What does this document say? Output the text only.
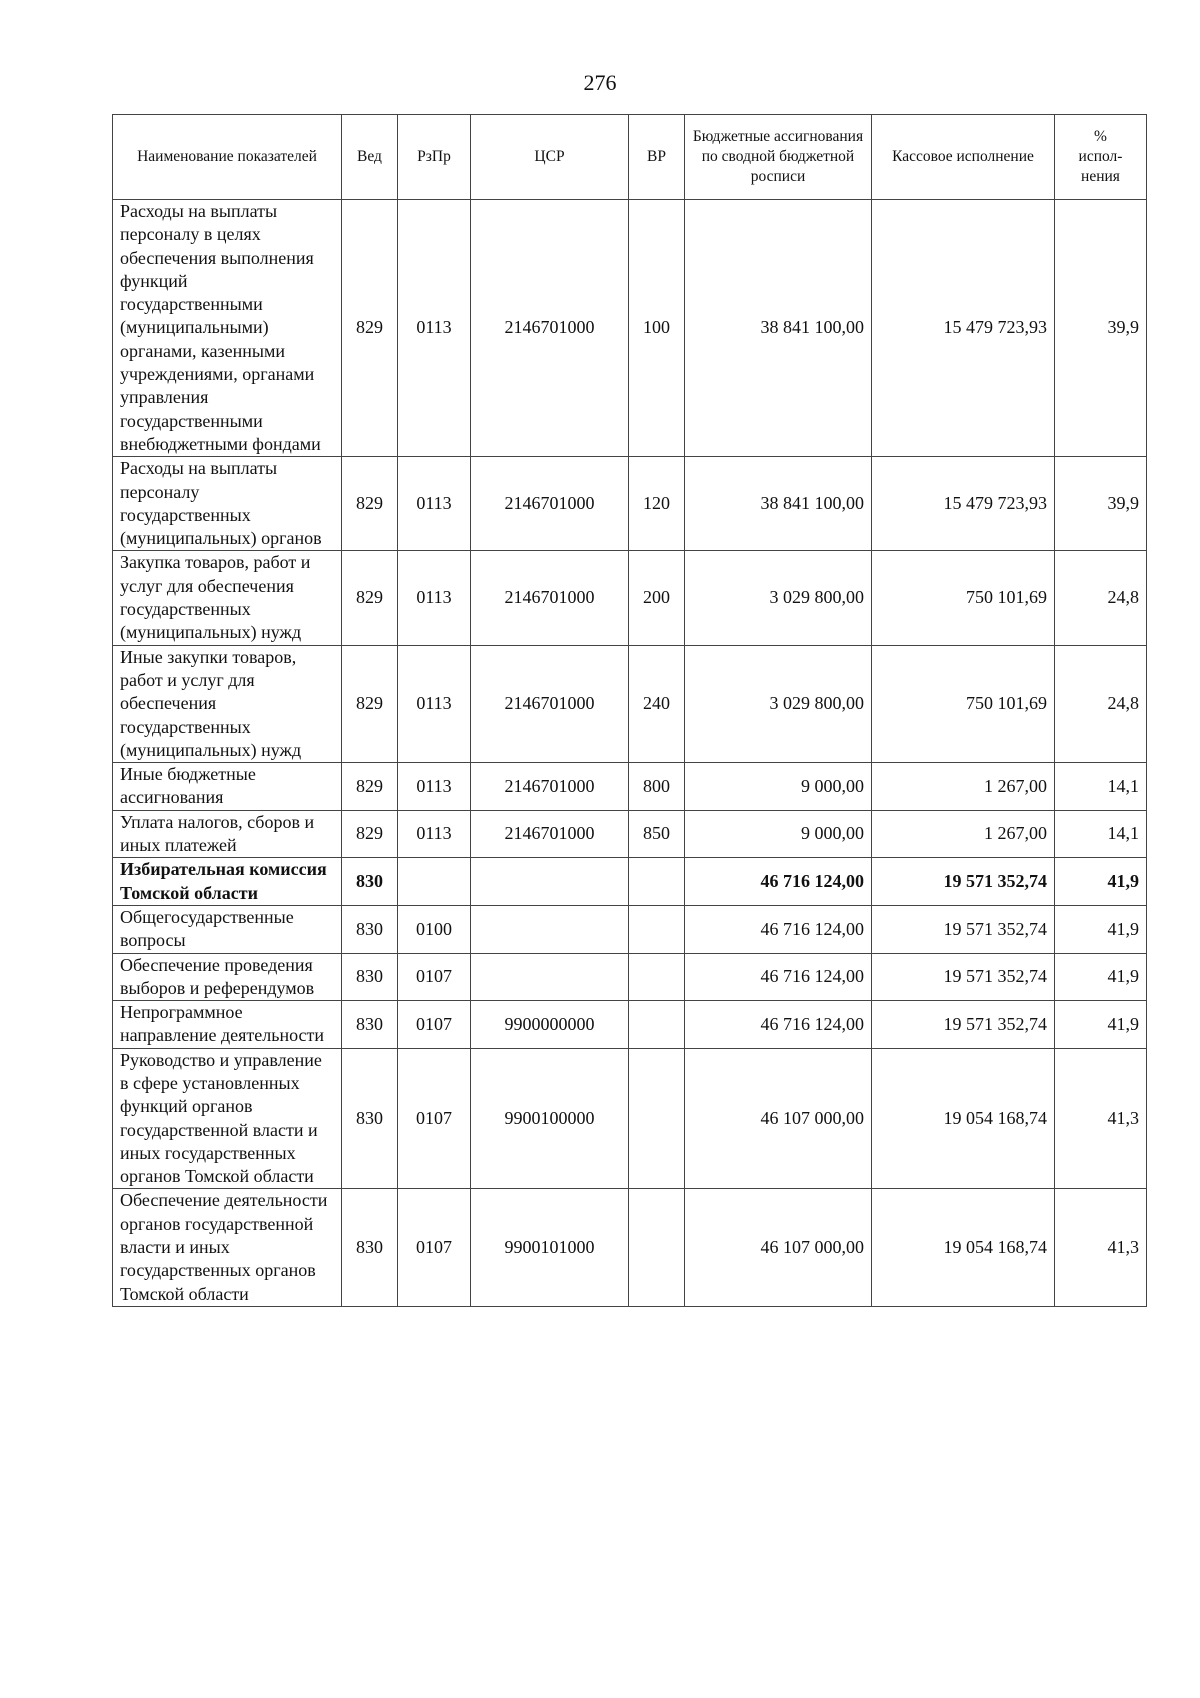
276
Наименование показателей	Вед	РзПр	ЦСР	ВР	Бюджетные ассигнования по сводной бюджетной росписи	Кассовое исполнение	%
испол-
нения
Расходы на выплаты персоналу в целях обеспечения выполнения функций государственными (муниципальными) органами, казенными учреждениями, органами управления государственными внебюджетными фондами	829	0113	2146701000	100	38 841 100,00	15 479 723,93	39,9
Расходы на выплаты персоналу государственных (муниципальных) органов	829	0113	2146701000	120	38 841 100,00	15 479 723,93	39,9
Закупка товаров, работ и услуг для обеспечения государственных (муниципальных) нужд	829	0113	2146701000	200	3 029 800,00	750 101,69	24,8
Иные закупки товаров, работ и услуг для обеспечения государственных (муниципальных) нужд	829	0113	2146701000	240	3 029 800,00	750 101,69	24,8
Иные бюджетные ассигнования	829	0113	2146701000	800	9 000,00	1 267,00	14,1
Уплата налогов, сборов и иных платежей	829	0113	2146701000	850	9 000,00	1 267,00	14,1
Избирательная комиссия Томской области	830				46 716 124,00	19 571 352,74	41,9
Общегосударственные вопросы	830	0100			46 716 124,00	19 571 352,74	41,9
Обеспечение проведения выборов и референдумов	830	0107			46 716 124,00	19 571 352,74	41,9
Непрограммное направление деятельности	830	0107	9900000000		46 716 124,00	19 571 352,74	41,9
Руководство и управление в сфере установленных функций органов государственной власти и иных государственных органов Томской области	830	0107	9900100000		46 107 000,00	19 054 168,74	41,3
Обеспечение деятельности органов государственной власти и иных государственных органов Томской области	830	0107	9900101000		46 107 000,00	19 054 168,74	41,3
